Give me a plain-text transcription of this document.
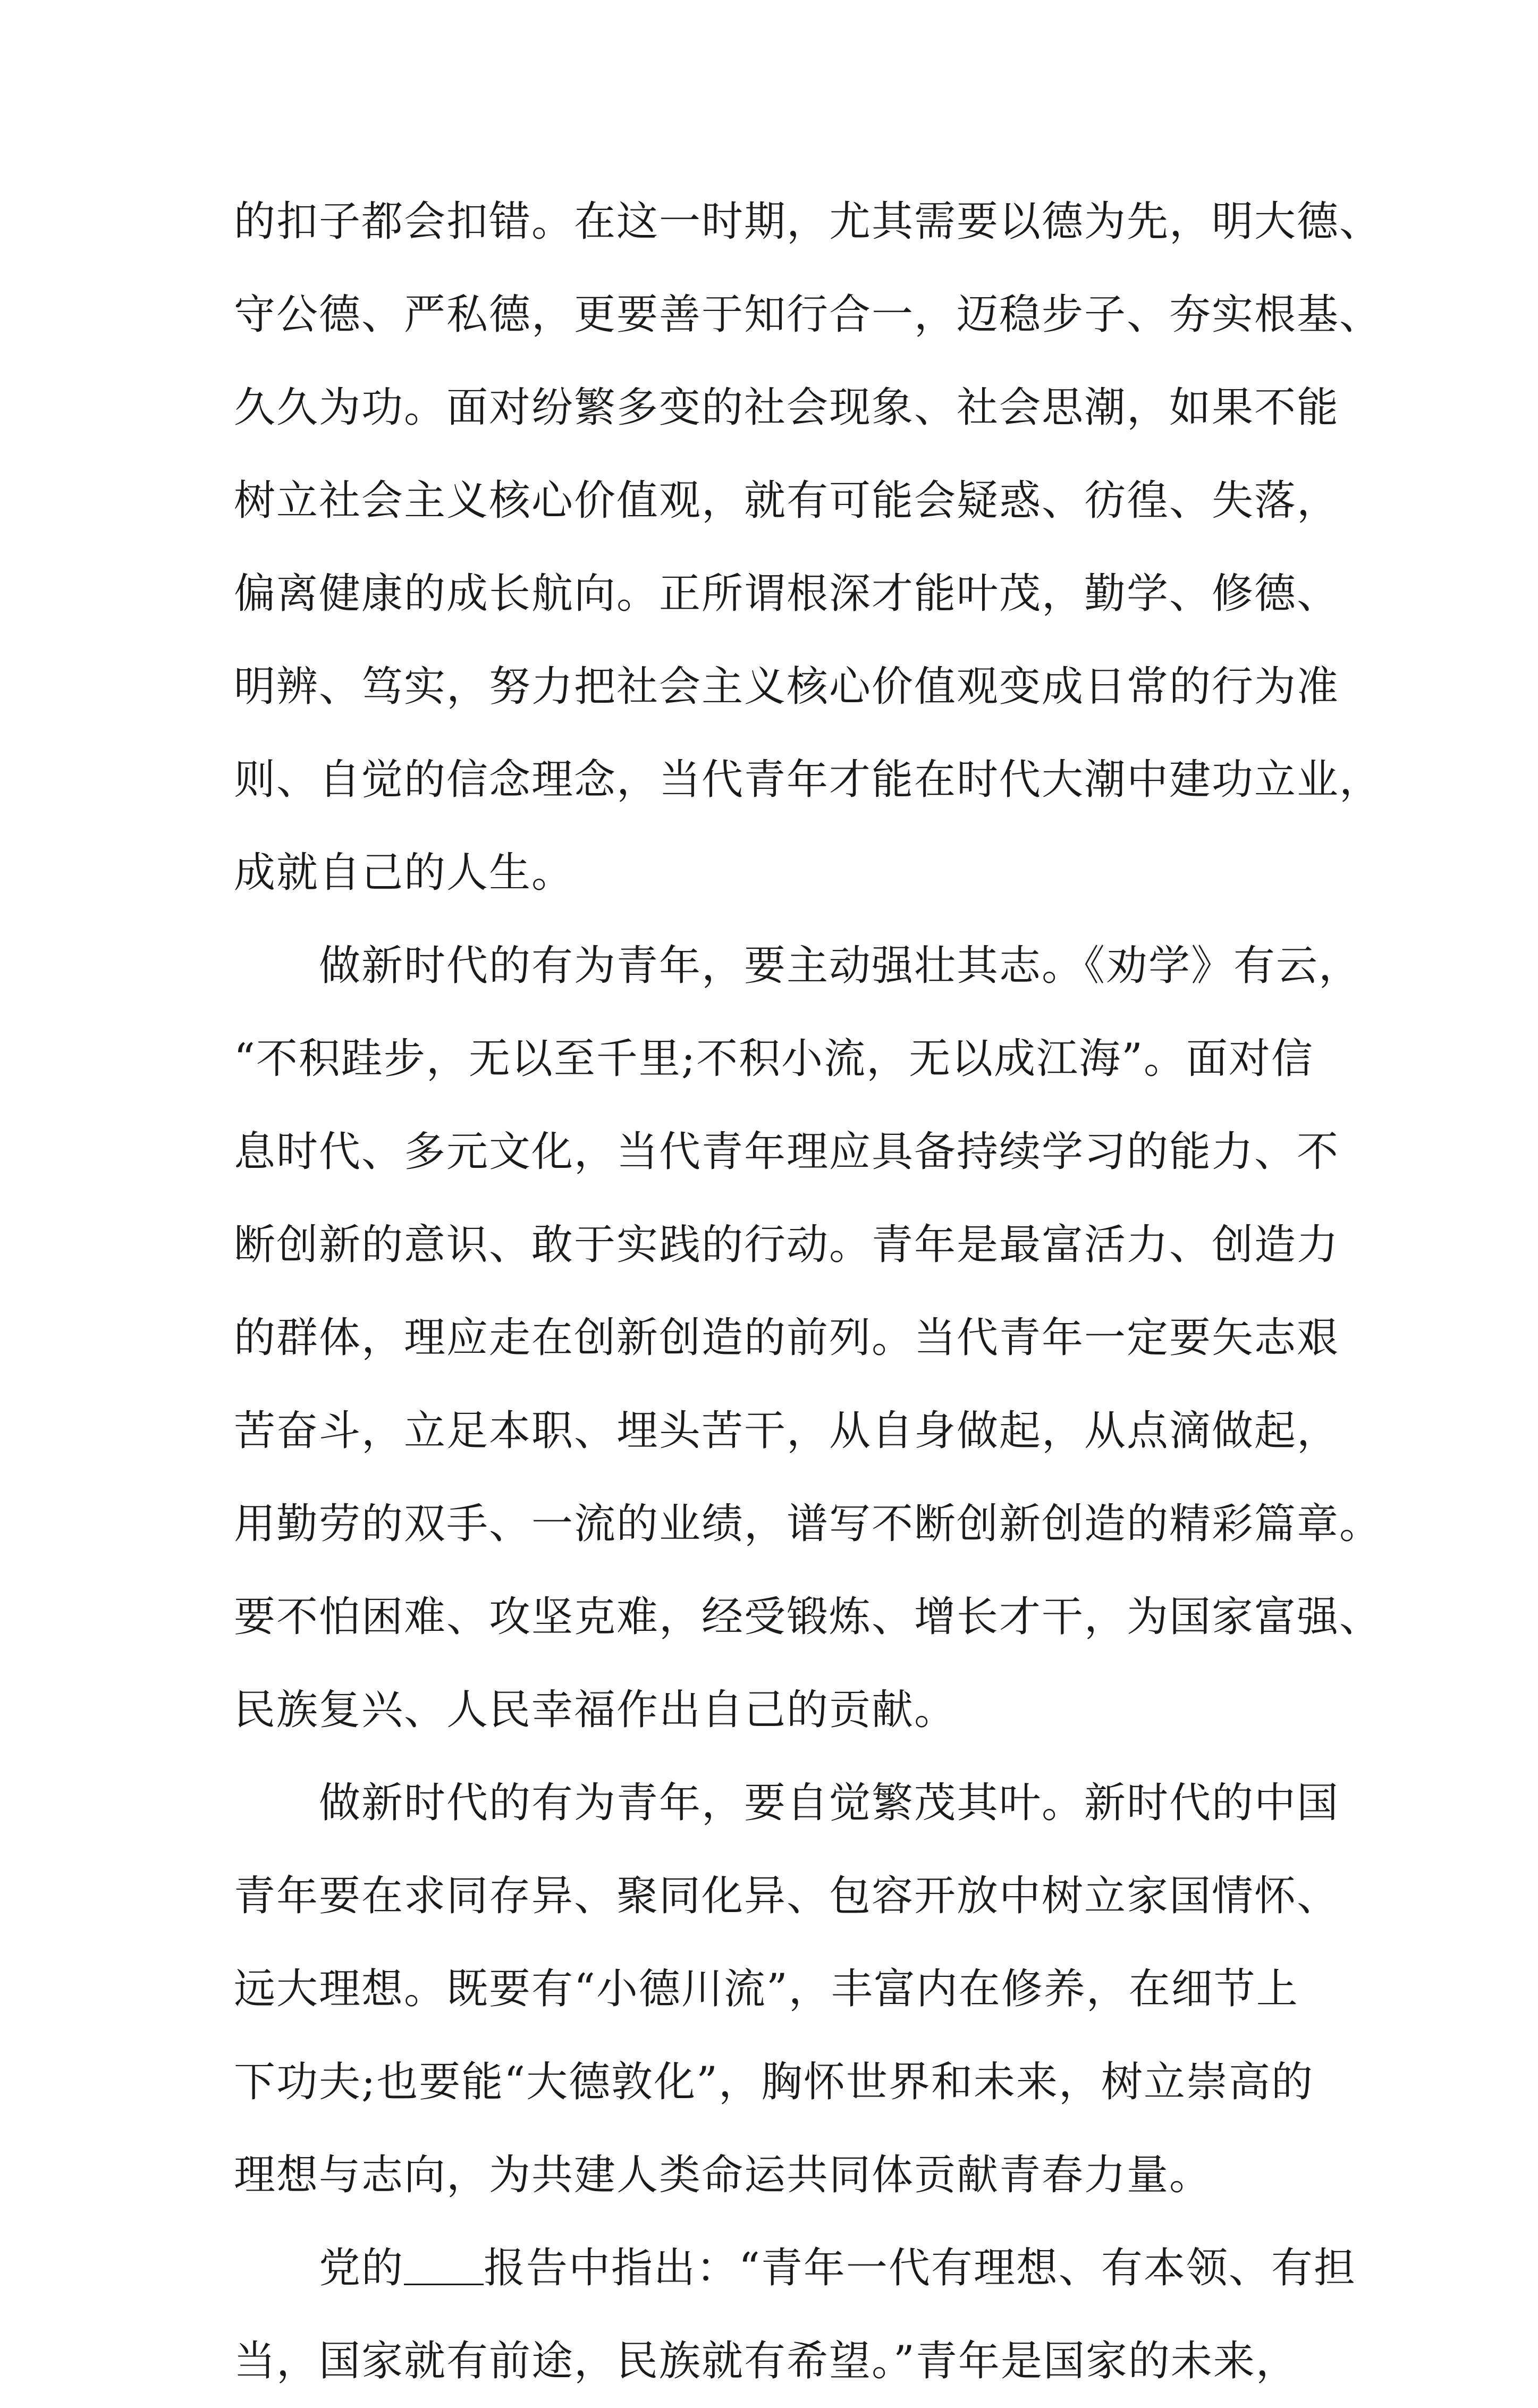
的扣子都会扣错。在这一时期，尤其需要以德为先，明大德、
守公德、严私德，更要善于知行合一，迈稳步子、夯实根基、
久久为功。面对纷繁多变的社会现象、社会思潮，如果不能
树立社会主义核心价值观，就有可能会疑惑、彷徨、失落，
偏离健康的成长航向。正所谓根深才能叶茂，勤学、修德、
明辨、笃实，努力把社会主义核心价值观变成日常的行为准
则、自觉的信念理念，当代青年才能在时代大潮中建功立业，
成就自己的人生。
做新时代的有为青年，要主动强壮其志。《劝学》有云，
“不积跬步，无以至千里;不积小流，无以成江海”。面对信
息时代、多元文化，当代青年理应具备持续学习的能力、不
断创新的意识、敢于实践的行动。青年是最富活力、创造力
的群体，理应走在创新创造的前列。当代青年一定要矢志艰
苦奋斗，立足本职、埋头苦干，从自身做起，从点滴做起，
用勤劳的双手、一流的业绩，谱写不断创新创造的精彩篇章。
要不怕困难、攻坚克难，经受锻炼、增长才干，为国家富强、
民族复兴、人民幸福作出自己的贡献。
做新时代的有为青年，要自觉繁茂其叶。新时代的中国
青年要在求同存异、聚同化异、包容开放中树立家国情怀、
远大理想。既要有“小德川流”，丰富内在修养，在细节上
下功夫;也要能“大德敦化”，胸怀世界和未来，树立崇高的
理想与志向，为共建人类命运共同体贡献青春力量。
党的 报告中指出：“青年一代有理想、有本领、有担
当，国家就有前途，民族就有希望。”青年是国家的未来，
